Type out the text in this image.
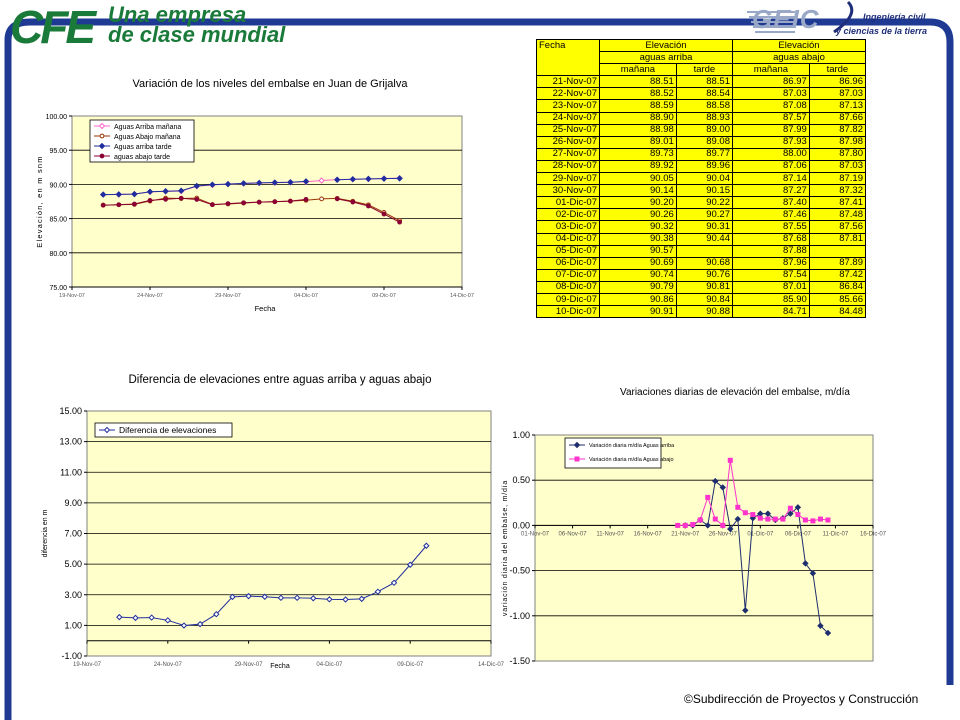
CFE Una empresa
de clase mundial
GEIC	Ingeniería civil
y ciencias de la tierra
Fecha	Elevación		Elevación	
	aguas arriba		aguas abajo	
	mañana	tarde	mañana	tarde
21-Nov-07	88.51	88.51	86.97	86.96
22-Nov-07	88.52	88.54	87.03	87.03
23-Nov-07	88.59	88.58	87.08	87.13
24-Nov-07	88.90	88.93	87.57	87.66
25-Nov-07	88.98	89.00	87.99	87.82
26-Nov-07	89.01	89.08	87.93	87.98
27-Nov-07	89.73	89.77	88.00	87.80
28-Nov-07	89.92	89.96	87.06	87.03
29-Nov-07	90.05	90.04	87.14	87.19
30-Nov-07	90.14	90.15	87.27	87.32
01-Dic-07	90.20	90.22	87.40	87.41
02-Dic-07	90.26	90.27	87.46	87.48
03-Dic-07	90.32	90.31	87.55	87.56
04-Dic-07	90.38	90.44	87.68	87.81
05-Dic-07	90.57		87.88	
06-Dic-07	90.69	90.68	87.96	87.89
07-Dic-07	90.74	90.76	87.54	87.42
08-Dic-07	90.79	90.81	87.01	86.84
09-Dic-07	90.86	90.84	85.90	85.66
10-Dic-07	90.91	90.88	84.71	84.48
Variación de los niveles del embalse en Juan de Grijalva
75.00
80.00
85.00
90.00
95.00
100.00
19-Nov-07	24-Nov-07	29-Nov-07	04-Dic-07	09-Dic-07	14-Dic-07
Fecha
Elevación, en m snm
Aguas Arriba mañana
Aguas Abajo mañana
Aguas arriba tarde
aguas abajo tarde
Diferencia de elevaciones entre aguas arriba y aguas abajo
-1.00
1.00
3.00
5.00
7.00
9.00
11.00
13.00
15.00
19-Nov-07	24-Nov-07	29-Nov-07	04-Dic-07	09-Dic-07	14-Dic-07
Fecha
diferencia en m
Diferencia de elevaciones
Variaciones diarias de elevación del embalse, m/día
-1.50
-1.00
-0.50
0.00
0.50
1.00
01-Nov-07 06-Nov-07 11-Nov-07 16-Nov-07 21-Nov-07 26-Nov-07 01-Dic-07 06-Dic-07 11-Dic-07 16-Dic-07
variación diaria del embalse, m/día
Variación diaria m/día Aguas arriba
Variación diaria m/día Aguas abajo
©Subdirección de Proyectos y Construcción
